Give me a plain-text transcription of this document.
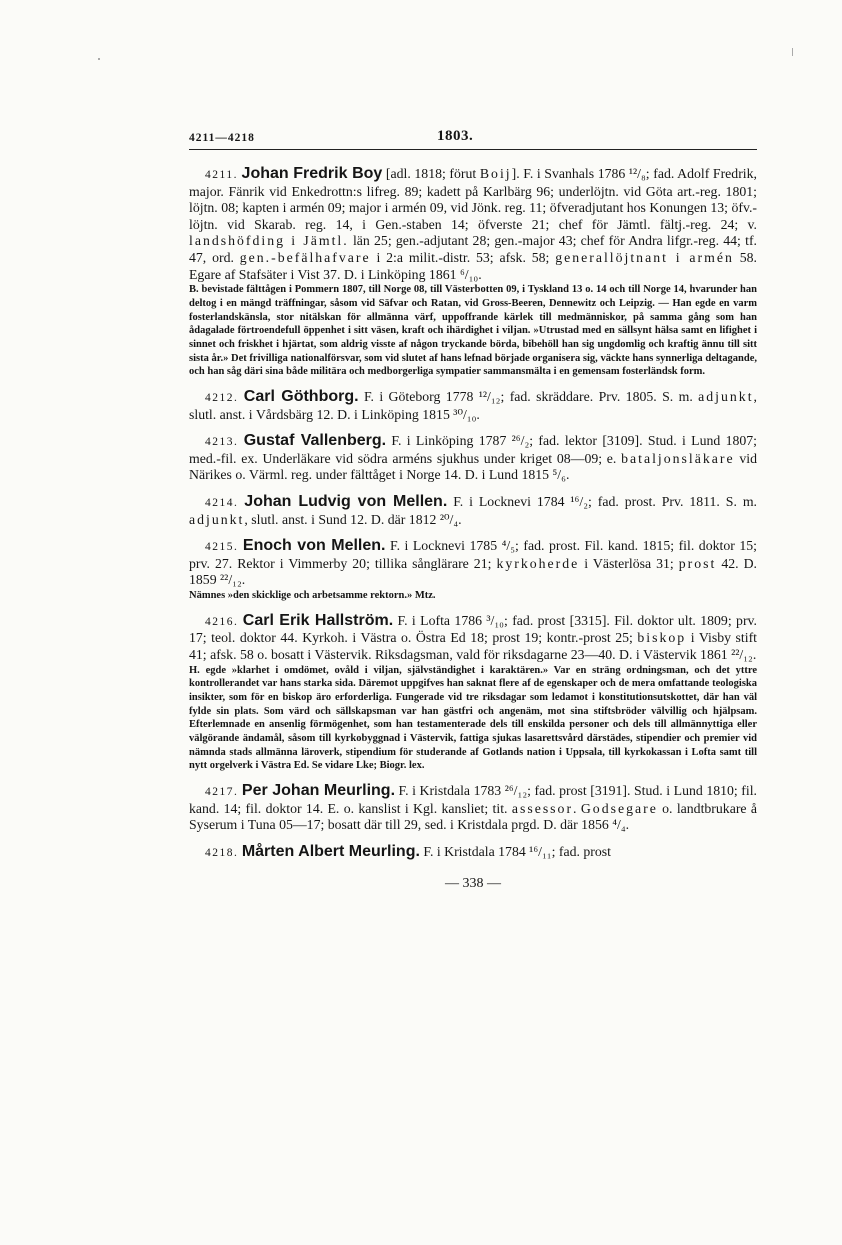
4211—4218	1803.

4211. Johan Fredrik Boy [adl. 1818; förut Boij]. F. i Svanhals 1786 ¹²/₈; fad. Adolf Fredrik, major. Fänrik vid Enkedrottn:s lifreg. 89; kadett på Karlbärg 96; underlöjtn. vid Göta art.-reg. 1801; löjtn. 08; kapten i armén 09; major i armén 09, vid Jönk. reg. 11; öfveradjutant hos Konungen 13; öfv.-löjtn. vid Skarab. reg. 14, i Gen.-staben 14; öfverste 21; chef för Jämtl. fältj.-reg. 24; v. landshöfding i Jämtl. län 25; gen.-adjutant 28; gen.-major 43; chef för Andra lifgr.-reg. 44; tf. 47, ord. gen.-befälhafvare i 2:a milit.-distr. 53; afsk. 58; generallöjtnant i armén 58. Egare af Stafsäter i Vist 37. D. i Linköping 1861 ⁶/₁₀.

B. bevistade fälttågen i Pommern 1807, till Norge 08, till Västerbotten 09, i Tyskland 13 o. 14 och till Norge 14, hvarunder han deltog i en mängd träffningar, såsom vid Säfvar och Ratan, vid Gross-Beeren, Dennewitz och Leipzig. — Han egde en varm fosterlandskänsla, stor nitälskan för allmänna värf, uppoffrande kärlek till medmänniskor, på samma gång som han ådagalade förtroendefull öppenhet i sitt väsen, kraft och ihärdighet i viljan. »Utrustad med en sällsynt hälsa samt en lifighet i sinnet och friskhet i hjärtat, som aldrig visste af någon tryckande börda, bibehöll han sig ungdomlig och kraftig ännu till sitt sista år.» Det frivilliga nationalförsvar, som vid slutet af hans lefnad började organisera sig, väckte hans synnerliga deltagande, och han såg däri sina både militära och medborgerliga sympatier sammansmälta i en gemensam fosterländsk form.

4212. Carl Göthborg. F. i Göteborg 1778 ¹²/₁₂; fad. skräddare. Prv. 1805. S. m. adjunkt, slutl. anst. i Vårdsbärg 12. D. i Linköping 1815 ³⁰/₁₀.

4213. Gustaf Vallenberg. F. i Linköping 1787 ²⁶/₂; fad. lektor [3109]. Stud. i Lund 1807; med.-fil. ex. Underläkare vid södra arméns sjukhus under kriget 08—09; e. bataljonsläkare vid Närikes o. Värml. reg. under fälttåget i Norge 14. D. i Lund 1815 ⁵/₆.

4214. Johan Ludvig von Mellen. F. i Locknevi 1784 ¹⁶/₂; fad. prost. Prv. 1811. S. m. adjunkt, slutl. anst. i Sund 12. D. där 1812 ²⁰/₄.

4215. Enoch von Mellen. F. i Locknevi 1785 ⁴/₅; fad. prost. Fil. kand. 1815; fil. doktor 15; prv. 27. Rektor i Vimmerby 20; tillika sånglärare 21; kyrkoherde i Västerlösa 31; prost 42. D. 1859 ²²/₁₂.

Nämnes »den skicklige och arbetsamme rektorn.» Mtz.

4216. Carl Erik Hallström. F. i Lofta 1786 ³/₁₀; fad. prost [3315]. Fil. doktor ult. 1809; prv. 17; teol. doktor 44. Kyrkoh. i Västra o. Östra Ed 18; prost 19; kontr.-prost 25; biskop i Visby stift 41; afsk. 58 o. bosatt i Västervik. Riksdagsman, vald för riksdagarne 23—40. D. i Västervik 1861 ²²/₁₂.

H. egde »klarhet i omdömet, ovåld i viljan, självständighet i karaktären.» Var en sträng ordningsman, och det yttre kontrollerandet var hans starka sida. Däremot uppgifves han saknat flere af de egenskaper och de mera omfattande teologiska insikter, som för en biskop äro erforderliga. Fungerade vid tre riksdagar som ledamot i konstitutionsutskottet, där han väl fylde sin plats. Som värd och sällskapsman var han gästfri och angenäm, mot sina stiftsbröder välvillig och hjälpsam. Efterlemnade en ansenlig förmögenhet, som han testamenterade dels till enskilda personer och dels till allmännyttiga eller välgörande ändamål, såsom till kyrkobyggnad i Västervik, fattiga sjukas lasarettsvård därstädes, stipendier och premier vid nämnda stads allmänna läroverk, stipendium för studerande af Gotlands nation i Uppsala, till kyrkokassan i Lofta samt till nytt orgelverk i Västra Ed. Se vidare Lke; Biogr. lex.

4217. Per Johan Meurling. F. i Kristdala 1783 ²⁶/₁₂; fad. prost [3191]. Stud. i Lund 1810; fil. kand. 14; fil. doktor 14. E. o. kanslist i Kgl. kansliet; tit. assessor. Godsegare o. landtbrukare å Syserum i Tuna 05—17; bosatt där till 29, sed. i Kristdala prgd. D. där 1856 ⁴/₄.

4218. Mårten Albert Meurling. F. i Kristdala 1784 ¹⁶/₁₁; fad. prost

— 338 —
